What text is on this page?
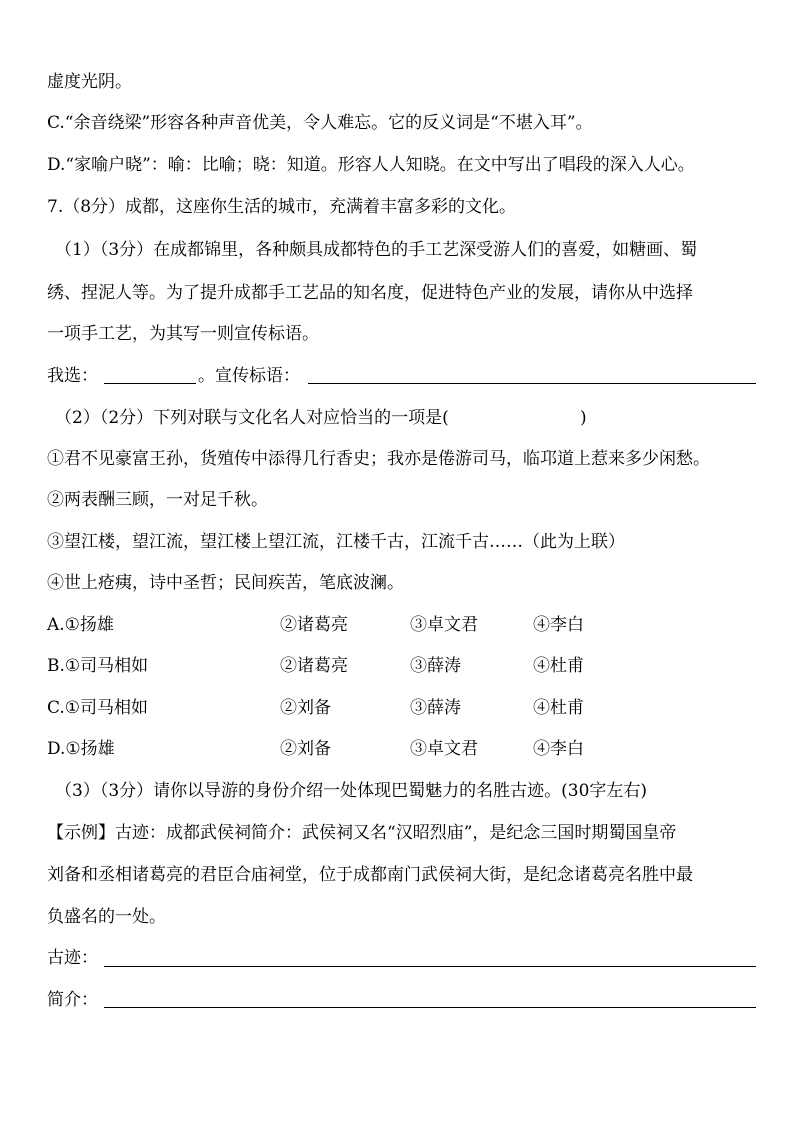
虚度光阴。
C.“余音绕梁”形容各种声音优美，令人难忘。它的反义词是“不堪入耳”。
D.“家喻户晓”：喻：比喻；晓：知道。形容人人知晓。在文中写出了唱段的深入人心。
7.（8分）成都，这座你生活的城市，充满着丰富多彩的文化。
（1）（3分）在成都锦里，各种颇具成都特色的手工艺深受游人们的喜爱，如糖画、蜀
绣、捏泥人等。为了提升成都手工艺品的知名度，促进特色产业的发展，请你从中选择
一项手工艺，为其写一则宣传标语。
我选：	。宣传标语：
（2）（2分）下列对联与文化名人对应恰当的一项是(	)
①君不见豪富王孙，货殖传中添得几行香史；我亦是倦游司马，临邛道上惹来多少闲愁。
②两表酬三顾，一对足千秋。
③望江楼，望江流，望江楼上望江流，江楼千古，江流千古……（此为上联）
④世上疮痍，诗中圣哲；民间疾苦，笔底波澜。
A.①扬雄	②诸葛亮	③卓文君	④李白
B.①司马相如	②诸葛亮	③薛涛	④杜甫
C.①司马相如	②刘备	③薛涛	④杜甫
D.①扬雄	②刘备	③卓文君	④李白
（3）（3分）请你以导游的身份介绍一处体现巴蜀魅力的名胜古迹。(30字左右)
【示例】古迹：成都武侯祠简介：武侯祠又名“汉昭烈庙”，是纪念三国时期蜀国皇帝
刘备和丞相诸葛亮的君臣合庙祠堂，位于成都南门武侯祠大街，是纪念诸葛亮名胜中最
负盛名的一处。
古迹：
简介：
